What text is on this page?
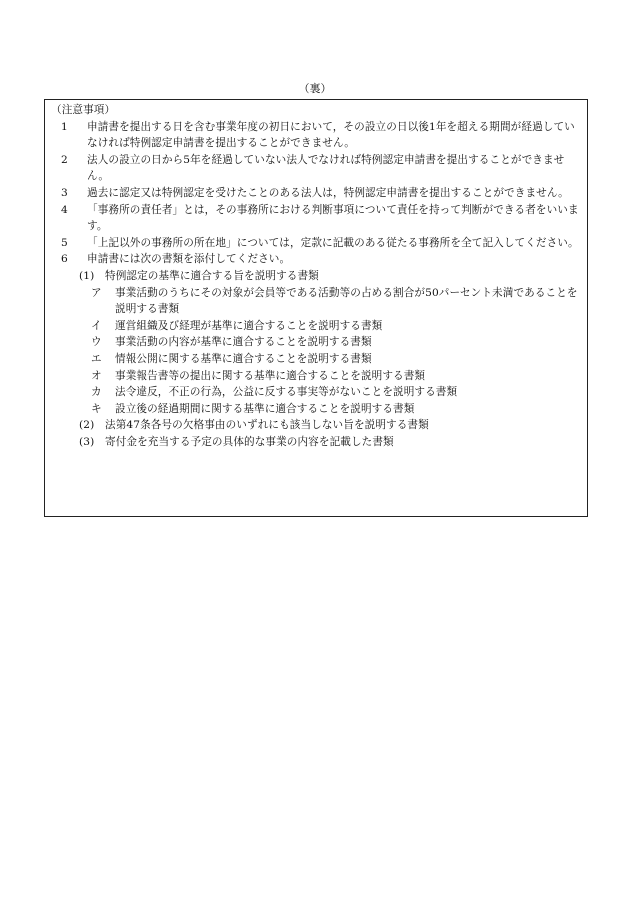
（裏）

（注意事項）

1	申請書を提出する日を含む事業年度の初日において，その設立の日以後1年を超える期間が経過していなければ特例認定申請書を提出することができません。
2	法人の設立の日から5年を経過していない法人でなければ特例認定申請書を提出することができません。
3	過去に認定又は特例認定を受けたことのある法人は，特例認定申請書を提出することができません。
4	「事務所の責任者」とは，その事務所における判断事項について責任を持って判断ができる者をいいます。
5	「上記以外の事務所の所在地」については，定款に記載のある従たる事務所を全て記入してください。
6	申請書には次の書類を添付してください。
(1) 特例認定の基準に適合する旨を説明する書類
ア 事業活動のうちにその対象が会員等である活動等の占める割合が50パーセント未満であることを説明する書類
イ 運営組織及び経理が基準に適合することを説明する書類
ウ 事業活動の内容が基準に適合することを説明する書類
エ 情報公開に関する基準に適合することを説明する書類
オ 事業報告書等の提出に関する基準に適合することを説明する書類
カ 法令違反，不正の行為，公益に反する事実等がないことを説明する書類
キ 設立後の経過期間に関する基準に適合することを説明する書類
(2) 法第47条各号の欠格事由のいずれにも該当しない旨を説明する書類
(3) 寄付金を充当する予定の具体的な事業の内容を記載した書類
